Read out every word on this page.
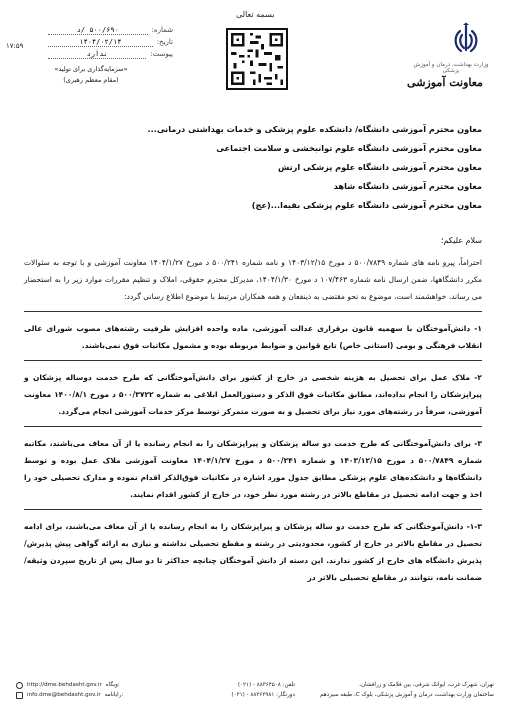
۱۷:۵۹
شماره:
۵۰۰/۶۹۰ /د
تاریخ:
۱۴۰۴/۰۲/۱۴
پیوست:
ندارد
«سرمایه‌گذاری برای تولید»
(مقام معظم رهبری)
بسمه تعالی
وزارت بهداشت، درمان و آموزش پزشکی
معاونت آموزشی
معاون محترم آموزشی دانشگاه/ دانشکده علوم پزشکی و خدمات بهداشتی درمانی...
معاون محترم آموزشی دانشگاه علوم توانبخشی و سلامت اجتماعی
معاون محترم آموزشی دانشگاه علوم پزشکی ارتش
معاون محترم آموزشی دانشگاه شاهد
معاون محترم آموزشی دانشگاه علوم پزشکی بقیه‌ا...(عج)
سلام علیکم؛

احتراماً، پیرو نامه های شماره ۵۰۰/۷۸۴۹ د مورخ ۱۴۰۳/۱۲/۱۵ و نامه شماره ۵۰۰/۲۴۱ د مورخ ۱۴۰۴/۱/۲۷ معاونت آموزشی و با توجه به سئوالات مکرر دانشگاهها، ضمن ارسال نامه شماره ۱۰۷/۴۶۳ د مورخ ۱۴۰۴/۱/۳۰، مدیرکل محترم حقوقی، املاک و تنظیم مقررات موارد زیر را به استحضار می رساند، خواهشمند است، موضوع به نحو مقتضی به ذینفعان و همه همکاران مرتبط با موضوع اطلاع رسانی گردد:

۱- دانش‌آموختگان با سهمیه قانون برقراری عدالت آموزشی، ماده واحده افزایش ظرفیت رشته‌های مصوب شورای عالی انقلاب فرهنگی و بومی (استانی خاص) تابع قوانین و ضوابط مربوطه بوده و مشمول مکاتبات فوق نمی‌باشند.

۲- ملاک عمل برای تحصیل به هزینه شخصی در خارج از کشور برای دانش‌آموختگانی که طرح خدمت دوساله پزشکان و پیراپزشکان را انجام نداده‌اند، مطابق مکاتبات فوق الذکر و دستورالعمل ابلاغی به شماره ۵۰۰/۳۷۲۲ د مورخ ۱۴۰۰/۸/۱ معاونت آموزشی، صرفاً در رشته‌های مورد نیاز برای تحصیل و به صورت متمرکز توسط مرکز خدمات آموزشی انجام می‌گردد.

۳- برای دانش‌آموختگانی که طرح خدمت دو ساله پزشکان و پیراپزشکان را به انجام رسانده یا از آن معاف می‌باشند، مکاتبه شماره ۵۰۰/۷۸۴۹ د مورخ ۱۴۰۳/۱۲/۱۵ و شماره ۵۰۰/۲۴۱ د مورخ ۱۴۰۴/۱/۲۷ معاونت آموزشی ملاک عمل بوده و توسط دانشگاه‌ها و دانشکده‌های علوم پزشکی مطابق جدول مورد اشاره در مکاتبات فوق‌الذکر اقدام نموده و مدارک تحصیلی خود را اخذ و جهت ادامه تحصیل در مقاطع بالاتر در رشته مورد نظر خود، در خارج از کشور اقدام نمایند.

۱-۳- دانش‌آموختگانی که طرح خدمت دو ساله پزشکان و پیراپزشکان را به انجام رسانده یا از آن معاف می‌باشند، برای ادامه تحصیل در مقاطع بالاتر در خارج از کشور، محدودیتی در رشته و مقطع تحصیلی نداشته و نیازی به ارائه گواهی پیش پذیرش/ پذیرش دانشگاه های خارج از کشور ندارند. این دسته از دانش آموختگان چنانچه حداکثر تا دو سال پس از تاریخ سپردن وثیقه/ ضمانت نامه، نتوانند در مقاطع تحصیلی بالاتر در

تهران، شهرک غرب، ایوانک شرقی، بین فلامک و زرافشان،
ساختمان وزارت بهداشت، درمان و آموزش پزشکی، بلوک C، طبقه سیزدهم
تلفن: ۸۸۳۶۴۵۰۸ - (۰۲۱)
دورنگار: ۸۸۳۶۳۹۸۱ - (۰۲۱)
http://dme.behdasht.gov.ir وبگاه:
info.dme@behdasht.gov.ir رایانامه:
